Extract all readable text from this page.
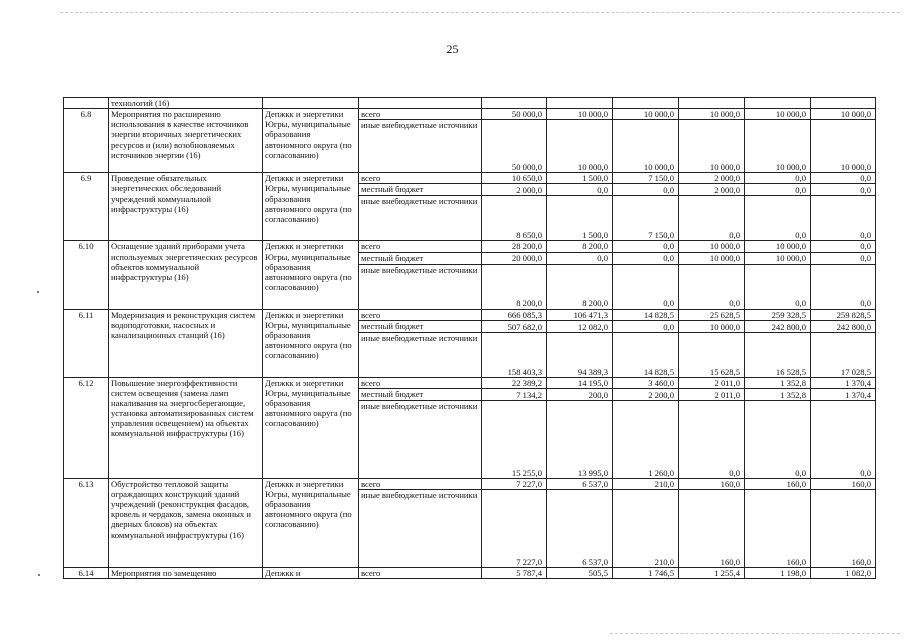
25
	технологий (16)								
6.8	Мероприятия по расширению использования в качестве источников энергии вторичных энергетических ресурсов и (или) возобновляемых источников энергии (16)	Депжкк и энергетики Югры, муниципальные образования автономного округа (по согласованию)	всего	50 000,0	10 000,0	10 000,0	10 000,0	10 000,0	10 000,0
			иные внебюджетные источники	50 000,0	10 000,0	10 000,0	10 000,0	10 000,0	10 000,0
6.9	Проведение обязательных энергетических обследований учреждений коммунальной инфраструктуры (16)	Депжкк и энергетики Югры, муниципальные образования автономного округа (по согласованию)	всего	10 650,0	1 500,0	7 150,0	2 000,0	0,0	0,0
			местный бюджет	2 000,0	0,0	0,0	2 000,0	0,0	0,0
			иные внебюджетные источники	8 650,0	1 500,0	7 150,0	0,0	0,0	0,0
6.10	Оснащение зданий приборами учета используемых энергетических ресурсов объектов коммунальной инфраструктуры (16)	Депжкк и энергетики Югры, муниципальные образования автономного округа (по согласованию)	всего	28 200,0	8 200,0	0,0	10 000,0	10 000,0	0,0
			местный бюджет	20 000,0	0,0	0,0	10 000,0	10 000,0	0,0
			иные внебюджетные источники	8 200,0	8 200,0	0,0	0,0	0,0	0,0
6.11	Модернизация и реконструкция систем водоподготовки, насосных и канализационных станций (16)	Депжкк и энергетики Югры, муниципальные образования автономного округа (по согласованию)	всего	666 085,3	106 471,3	14 828,5	25 628,5	259 328,5	259 828,5
			местный бюджет	507 682,0	12 082,0	0,0	10 000,0	242 800,0	242 800,0
			иные внебюджетные источники	158 403,3	94 389,3	14 828,5	15 628,5	16 528,5	17 028,5
6.12	Повышение энергоэффективности систем освещения (замена ламп накаливания на энергосберегающие, установка автоматизированных систем управления освещением) на объектах коммунальной инфраструктуры (16)	Депжкк и энергетики Югры, муниципальные образования автономного округа (по согласованию)	всего	22 389,2	14 195,0	3 460,0	2 011,0	1 352,8	1 370,4
			местный бюджет	7 134,2	200,0	2 200,0	2 011,0	1 352,8	1 370,4
			иные внебюджетные источники	15 255,0	13 995,0	1 260,0	0,0	0,0	0,0
6.13	Обустройство тепловой защиты ограждающих конструкций зданий учреждений (реконструкция фасадов, кровель и чердаков, замена оконных и дверных блоков) на объектах коммунальной инфраструктуры (16)	Депжкк и энергетики Югры, муниципальные образования автономного округа (по согласованию)	всего	7 227,0	6 537,0	210,0	160,0	160,0	160,0
			иные внебюджетные источники	7 227,0	6 537,0	210,0	160,0	160,0	160,0
6.14	Мероприятия по замещению	Депжкк и	всего	5 787,4	505,5	1 746,5	1 255,4	1 198,0	1 082,0
